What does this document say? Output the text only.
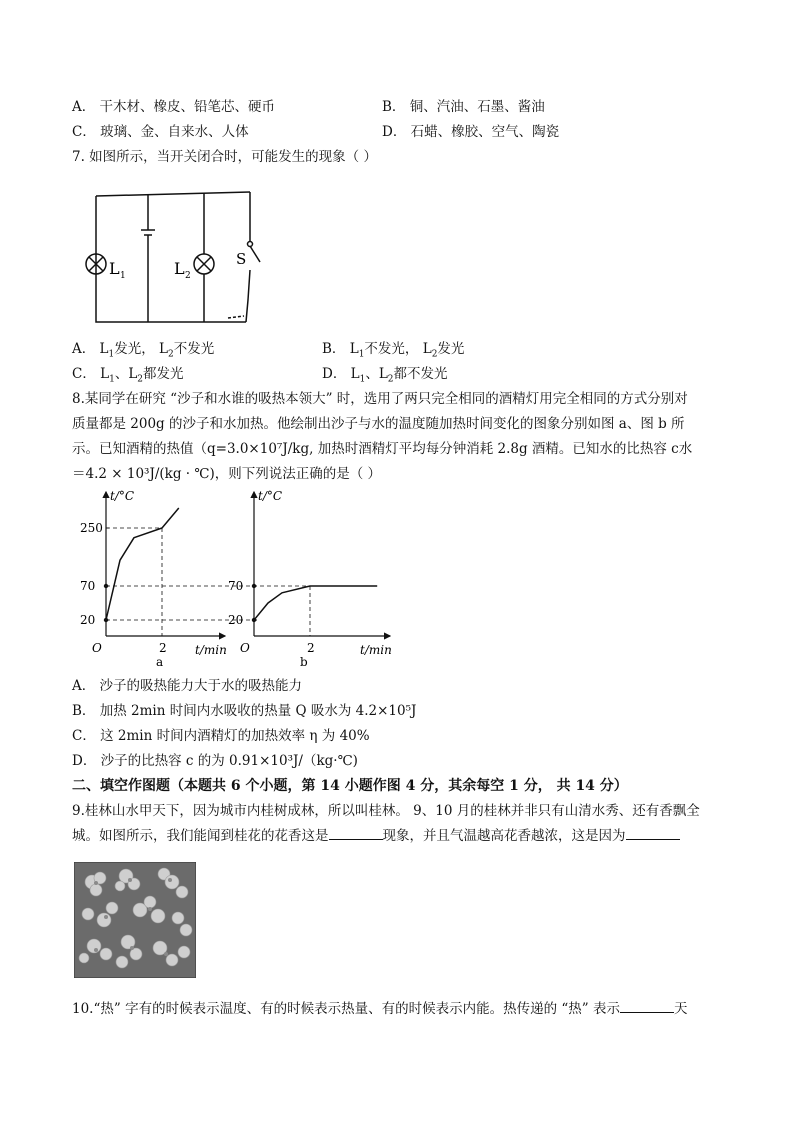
A． 干木材、橡皮、铅笔芯、硬币	B． 铜、汽油、石墨、酱油
C． 玻璃、金、自来水、人体	D． 石蜡、橡胶、空气、陶瓷
7. 如图所示，当开关闭合时，可能发生的现象（ ）
L 1	L 2
S
A． $L_1$发光， $L_2$不发光	B． $L_1$不发光， $L_2$发光
C． $L_1$、$L_2$都发光	D． $L_1$、$L_2$都不发光
8.某同学在研究 “沙子和水谁的吸热本领大” 时，选用了两只完全相同的酒精灯用完全相同的方式分别对
质量都是 200g 的沙子和水加热。他绘制出沙子与水的温度随加热时间变化的图象分别如图 a、图 b 所
示。已知酒精的热值（q=3.0×10⁷J/kg, 加热时酒精灯平均每分钟消耗 2.8g 酒精。已知水的比热容 c水
＝4.2 × 10³J/(kg · ℃)，则下列说法正确的是（ ）
t/°C
t/min
O
20
70
250
2
a
t/°C
t/min
O
20
70
2
b
A． 沙子的吸热能力大于水的吸热能力
B． 加热 2min 时间内水吸收的热量 Q 吸水为 4.2×10⁵J
C． 这 2min 时间内酒精灯的加热效率 η 为 40%
D． 沙子的比热容 c 的为 0.91×10³J/（kg·℃)
二、填空作图题（本题共 6 个小题，第 14 小题作图 4 分，其余每空 1 分， 共 14 分）
9.桂林山水甲天下，因为城市内桂树成林，所以叫桂林。 9、10 月的桂林并非只有山清水秀、还有香飘全
城。如图所示，我们能闻到桂花的花香这是	现象，并且气温越高花香越浓，这是因为
10.“热” 字有的时候表示温度、有的时候表示热量、有的时候表示内能。热传递的 “热” 表示	天
